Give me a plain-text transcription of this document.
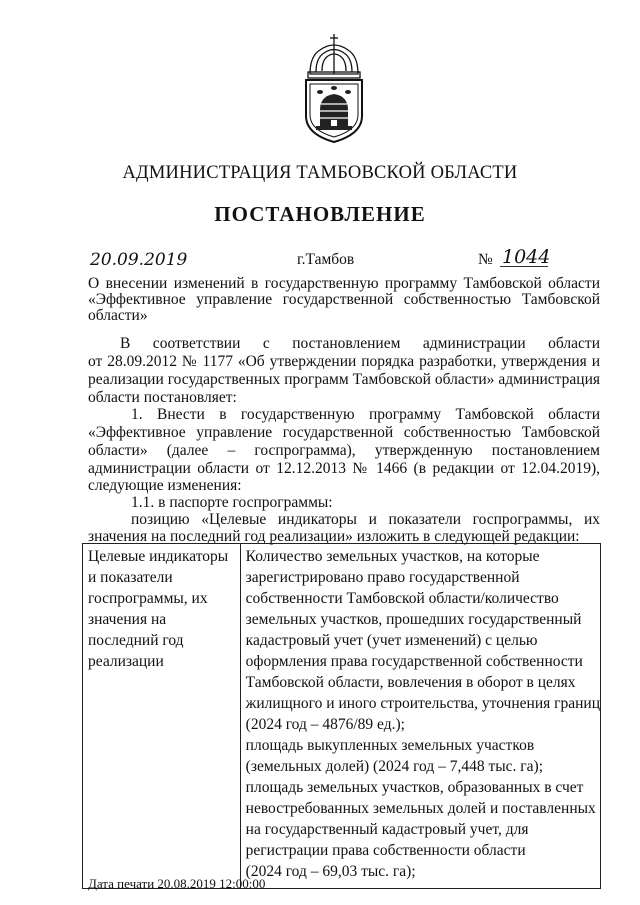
АДМИНИСТРАЦИЯ ТАМБОВСКОЙ ОБЛАСТИ
ПОСТАНОВЛЕНИЕ
20.09.2019	г.Тамбов	№ 1044
О внесении изменений в государственную программу Тамбовской области
«Эффективное управление государственной собственностью Тамбовской
области»
В соответствии с постановлением администрации области
от 28.09.2012 № 1177 «Об утверждении порядка разработки, утверждения и
реализации государственных программ Тамбовской области» администрация
области постановляет:
1. Внести в государственную программу Тамбовской области
«Эффективное управление государственной собственностью Тамбовской
области» (далее – госпрограмма), утвержденную постановлением
администрации области от 12.12.2013 № 1466 (в редакции от 12.04.2019),
следующие изменения:
1.1. в паспорте госпрограммы:
позицию «Целевые индикаторы и показатели госпрограммы, их
значения на последний год реализации» изложить в следующей редакции:
Целевые индикаторы
и показатели
госпрограммы, их
значения на
последний год
реализации

Количество земельных участков, на которые
зарегистрировано право государственной
собственности Тамбовской области/количество
земельных участков, прошедших государственный
кадастровый учет (учет изменений) с целью
оформления права государственной собственности
Тамбовской области, вовлечения в оборот в целях
жилищного и иного строительства, уточнения границ
(2024 год – 4876/89 ед.);
площадь выкупленных земельных участков
(земельных долей) (2024 год – 7,448 тыс. га);
площадь земельных участков, образованных в счет
невостребованных земельных долей и поставленных
на государственный кадастровый учет, для
регистрации права собственности области
(2024 год – 69,03 тыс. га);
Дата печати 20.08.2019 12:00:00
